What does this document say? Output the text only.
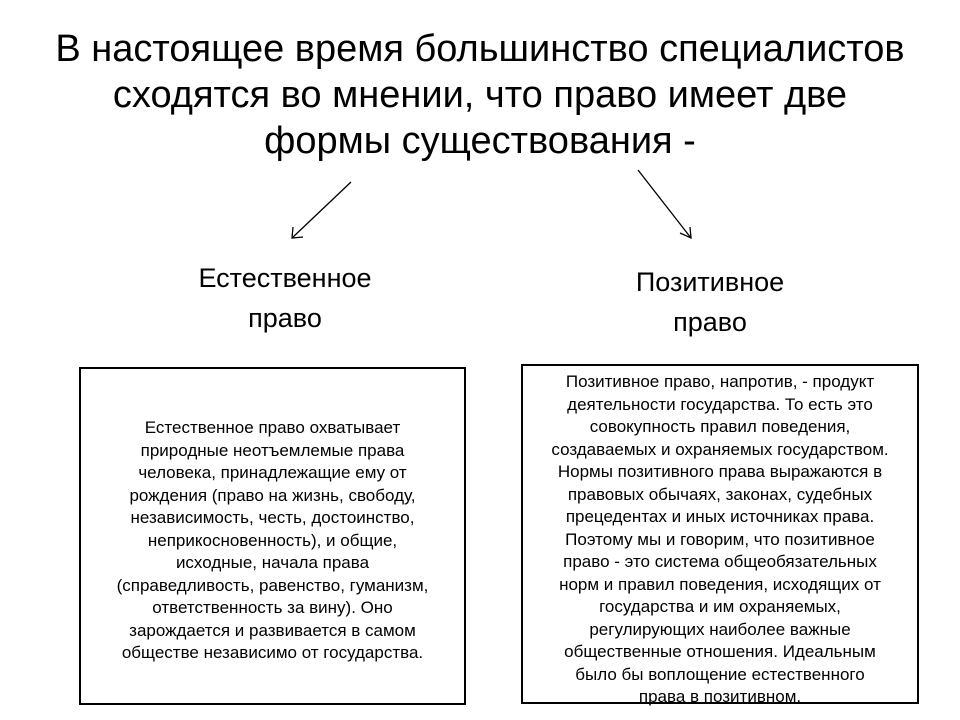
В настоящее время большинство специалистов
сходятся во мнении, что право имеет две
формы существования -
Естественное
право
Позитивное
право
Естественное право охватывает
природные неотъемлемые права
человека, принадлежащие ему от
рождения (право на жизнь, свободу,
независимость, честь, достоинство,
неприкосновенность), и общие,
исходные, начала права
(справедливость, равенство, гуманизм,
ответственность за вину). Оно
зарождается и развивается в самом
обществе независимо от государства.
Позитивное право, напротив, - продукт
деятельности государства. То есть это
совокупность правил поведения,
создаваемых и охраняемых государством.
Нормы позитивного права выражаются в
правовых обычаях, законах, судебных
прецедентах и иных источниках права.
Поэтому мы и говорим, что позитивное
право - это система общеобязательных
норм и правил поведения, исходящих от
государства и им охраняемых,
регулирующих наиболее важные
общественные отношения. Идеальным
было бы воплощение естественного
права в позитивном.
